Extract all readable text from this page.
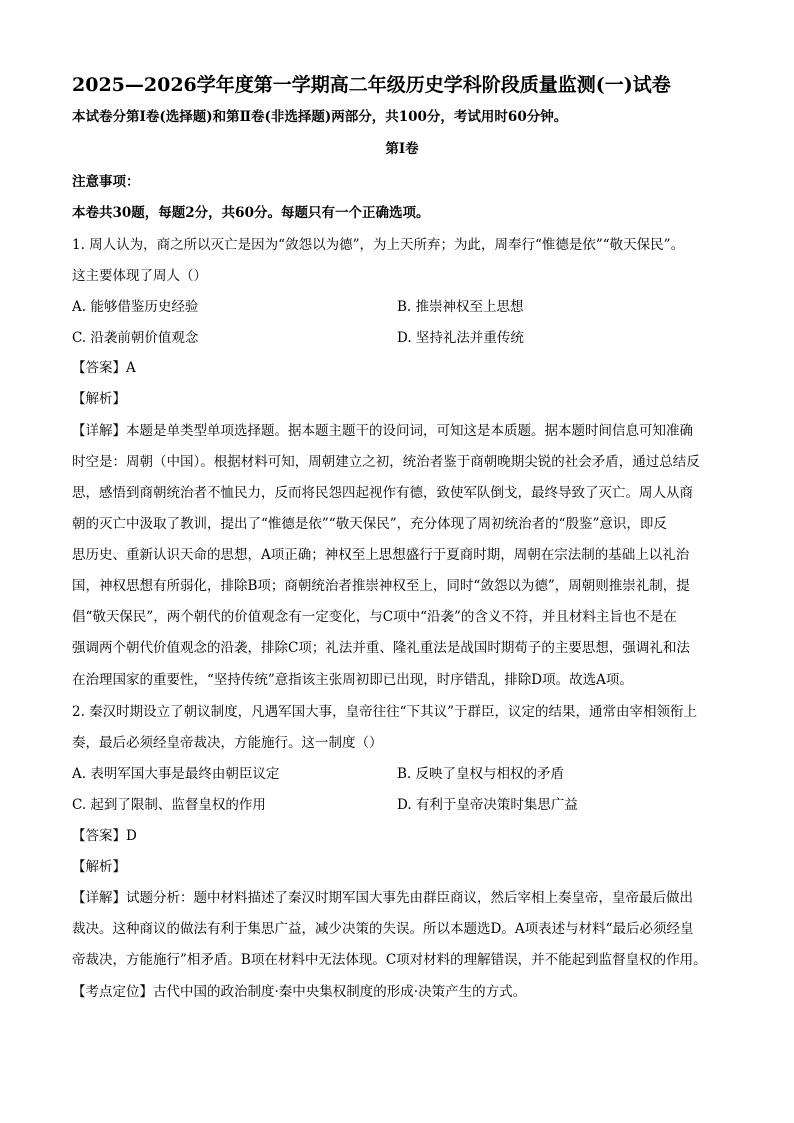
2025—2026学年度第一学期高二年级历史学科阶段质量监测(一)试卷
本试卷分第Ⅰ卷(选择题)和第Ⅱ卷(非选择题)两部分，共100分，考试用时60分钟。
第Ⅰ卷
注意事项：
本卷共30题，每题2分，共60分。每题只有一个正确选项。
1. 周人认为，商之所以灭亡是因为“敛怨以为德”，为上天所弃；为此，周奉行“惟德是依”“敬天保民”。
这主要体现了周人（）
A. 能够借鉴历史经验	B. 推崇神权至上思想
C. 沿袭前朝价值观念	D. 坚持礼法并重传统
【答案】A
【解析】
【详解】本题是单类型单项选择题。据本题主题干的设问词，可知这是本质题。据本题时间信息可知准确
时空是：周朝（中国）。根据材料可知，周朝建立之初，统治者鉴于商朝晚期尖锐的社会矛盾，通过总结反
思，感悟到商朝统治者不恤民力，反而将民怨四起视作有德，致使军队倒戈，最终导致了灭亡。周人从商
朝的灭亡中汲取了教训，提出了“惟德是依”“敬天保民”，充分体现了周初统治者的“殷鉴”意识，即反
思历史、重新认识天命的思想，A项正确；神权至上思想盛行于夏商时期，周朝在宗法制的基础上以礼治
国，神权思想有所弱化，排除B项；商朝统治者推崇神权至上，同时“敛怨以为德”，周朝则推崇礼制，提
倡“敬天保民”，两个朝代的价值观念有一定变化，与C项中“沿袭”的含义不符，并且材料主旨也不是在
强调两个朝代价值观念的沿袭，排除C项；礼法并重、隆礼重法是战国时期荀子的主要思想，强调礼和法
在治理国家的重要性，“坚持传统”意指该主张周初即已出现，时序错乱，排除D项。故选A项。
2. 秦汉时期设立了朝议制度，凡遇军国大事，皇帝往往“下其议”于群臣，议定的结果，通常由宰相领衔上
奏，最后必须经皇帝裁决，方能施行。这一制度（）
A. 表明军国大事是最终由朝臣议定	B. 反映了皇权与相权的矛盾
C. 起到了限制、监督皇权的作用	D. 有利于皇帝决策时集思广益
【答案】D
【解析】
【详解】试题分析：题中材料描述了秦汉时期军国大事先由群臣商议，然后宰相上奏皇帝，皇帝最后做出
裁决。这种商议的做法有利于集思广益，减少决策的失误。所以本题选D。A项表述与材料“最后必须经皇
帝裁决，方能施行”相矛盾。B项在材料中无法体现。C项对材料的理解错误，并不能起到监督皇权的作用。
【考点定位】古代中国的政治制度·秦中央集权制度的形成·决策产生的方式。
